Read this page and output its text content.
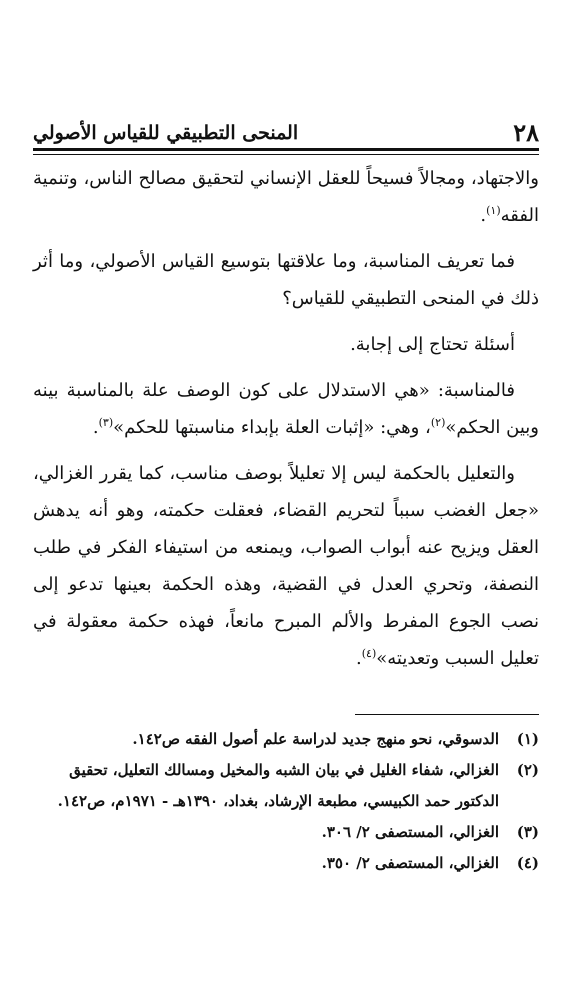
٢٨
المنحى التطبيقي للقياس الأصولي

والاجتهاد، ومجالاً فسيحاً للعقل الإنساني لتحقيق مصالح الناس، وتنمية الفقه$^{(١)}$.

فما تعريف المناسبة، وما علاقتها بتوسيع القياس الأصولي، وما أثر ذلك في المنحى التطبيقي للقياس؟

أسئلة تحتاج إلى إجابة.

فالمناسبة: «هي الاستدلال على كون الوصف علة بالمناسبة بينه وبين الحكم»$^{(٢)}$، وهي: «إثبات العلة بإبداء مناسبتها للحكم»$^{(٣)}$.

والتعليل بالحكمة ليس إلا تعليلاً بوصف مناسب، كما يقرر الغزالي، «جعل الغضب سبباً لتحريم القضاء، فعقلت حكمته، وهو أنه يدهش العقل ويزيح عنه أبواب الصواب، ويمنعه من استيفاء الفكر في طلب النصفة، وتحري العدل في القضية، وهذه الحكمة بعينها تدعو إلى نصب الجوع المفرط والألم المبرح مانعاً، فهذه حكمة معقولة في تعليل السبب وتعديته»$^{(٤)}$.

(١)
الدسوقي، نحو منهج جديد لدراسة علم أصول الفقه ص١٤٢.
(٢)
الغزالي، شفاء الغليل في بيان الشبه والمخيل ومسالك التعليل، تحقيق الدكتور حمد الكبيسي، مطبعة الإرشاد، بغداد، ١٣٩٠هـ - ١٩٧١م، ص١٤٢.
(٣)
الغزالي، المستصفى ٢/ ٣٠٦.
(٤)
الغزالي، المستصفى ٢/ ٣٥٠.
